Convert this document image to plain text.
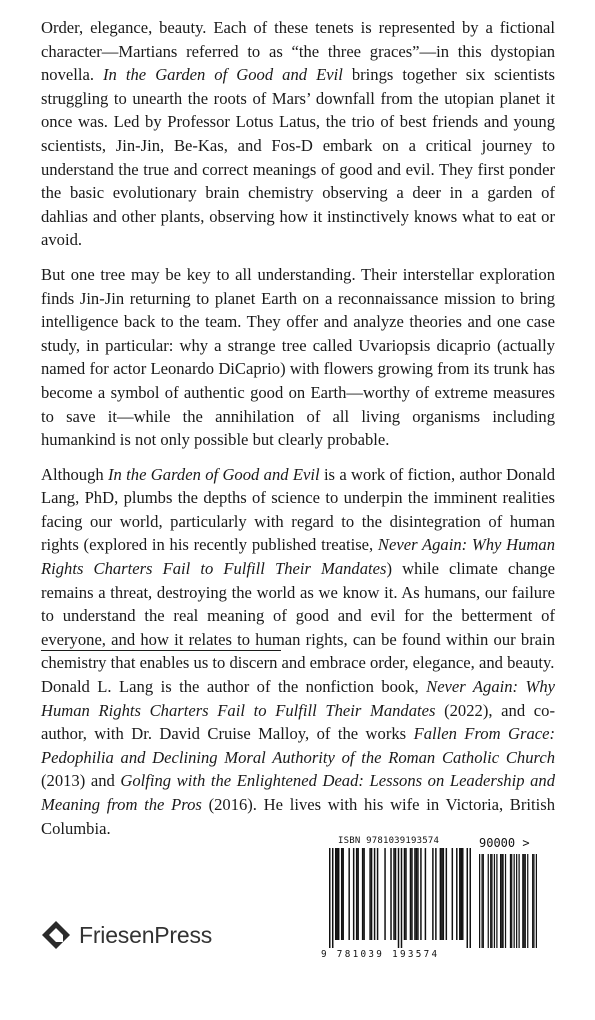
Order, elegance, beauty. Each of these tenets is represented by a fictional character—Martians referred to as “the three graces”—in this dystopian novella. In the Garden of Good and Evil brings together six scientists struggling to unearth the roots of Mars’ downfall from the utopian planet it once was. Led by Professor Lotus Latus, the trio of best friends and young scientists, Jin-Jin, Be-Kas, and Fos-D embark on a critical journey to understand the true and correct meanings of good and evil. They first ponder the basic evolutionary brain chemistry observing a deer in a garden of dahlias and other plants, observing how it instinctively knows what to eat or avoid.

But one tree may be key to all understanding. Their interstellar exploration finds Jin-Jin returning to planet Earth on a reconnaissance mission to bring intelligence back to the team. They offer and analyze theories and one case study, in particular: why a strange tree called Uvariopsis dicaprio (actually named for actor Leonardo DiCaprio) with flowers growing from its trunk has become a symbol of authentic good on Earth—worthy of extreme measures to save it—while the annihilation of all living organisms including humankind is not only possible but clearly probable.

Although In the Garden of Good and Evil is a work of fiction, author Donald Lang, PhD, plumbs the depths of science to underpin the imminent realities facing our world, particularly with regard to the disintegration of human rights (explored in his recently published treatise, Never Again: Why Human Rights Charters Fail to Fulfill Their Mandates) while climate change remains a threat, destroying the world as we know it. As humans, our failure to understand the real meaning of good and evil for the betterment of everyone, and how it relates to human rights, can be found within our brain chemistry that enables us to discern and embrace order, elegance, and beauty.

Donald L. Lang is the author of the nonfiction book, Never Again: Why Human Rights Charters Fail to Fulfill Their Mandates (2022), and co-author, with Dr. David Cruise Malloy, of the works Fallen From Grace: Pedophilia and Declining Moral Authority of the Roman Catholic Church (2013) and Golfing with the Enlightened Dead: Lessons on Leadership and Meaning from the Pros (2016). He lives with his wife in Victoria, British Columbia.

FriesenPress
ISBN 9781039193574	90000 >
9 781039 193574
